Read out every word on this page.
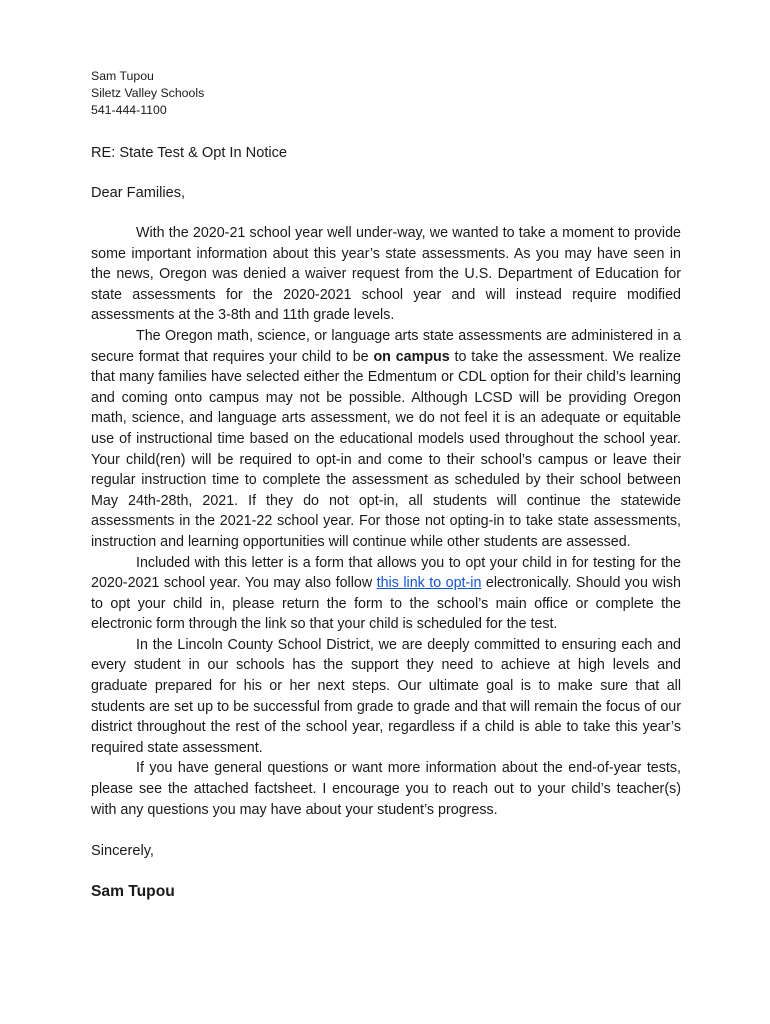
Sam Tupou
Siletz Valley Schools
541-444-1100
RE: State Test & Opt In Notice
Dear Families,

With the 2020-21 school year well under-way, we wanted to take a moment to provide some important information about this year’s state assessments. As you may have seen in the news, Oregon was denied a waiver request from the U.S. Department of Education for state assessments for the 2020-2021 school year and will instead require modified assessments at the 3-8th and 11th grade levels.

The Oregon math, science, or language arts state assessments are administered in a secure format that requires your child to be on campus to take the assessment. We realize that many families have selected either the Edmentum or CDL option for their child’s learning and coming onto campus may not be possible. Although LCSD will be providing Oregon math, science, and language arts assessment, we do not feel it is an adequate or equitable use of instructional time based on the educational models used throughout the school year. Your child(ren) will be required to opt-in and come to their school’s campus or leave their regular instruction time to complete the assessment as scheduled by their school between May 24th-28th, 2021. If they do not opt-in, all students will continue the statewide assessments in the 2021-22 school year. For those not opting-in to take state assessments, instruction and learning opportunities will continue while other students are assessed.

Included with this letter is a form that allows you to opt your child in for testing for the 2020-2021 school year. You may also follow this link to opt-in electronically. Should you wish to opt your child in, please return the form to the school’s main office or complete the electronic form through the link so that your child is scheduled for the test.

In the Lincoln County School District, we are deeply committed to ensuring each and every student in our schools has the support they need to achieve at high levels and graduate prepared for his or her next steps. Our ultimate goal is to make sure that all students are set up to be successful from grade to grade and that will remain the focus of our district throughout the rest of the school year, regardless if a child is able to take this year’s required state assessment.

If you have general questions or want more information about the end-of-year tests, please see the attached factsheet. I encourage you to reach out to your child’s teacher(s) with any questions you may have about your student’s progress.

Sincerely,
Sam Tupou
